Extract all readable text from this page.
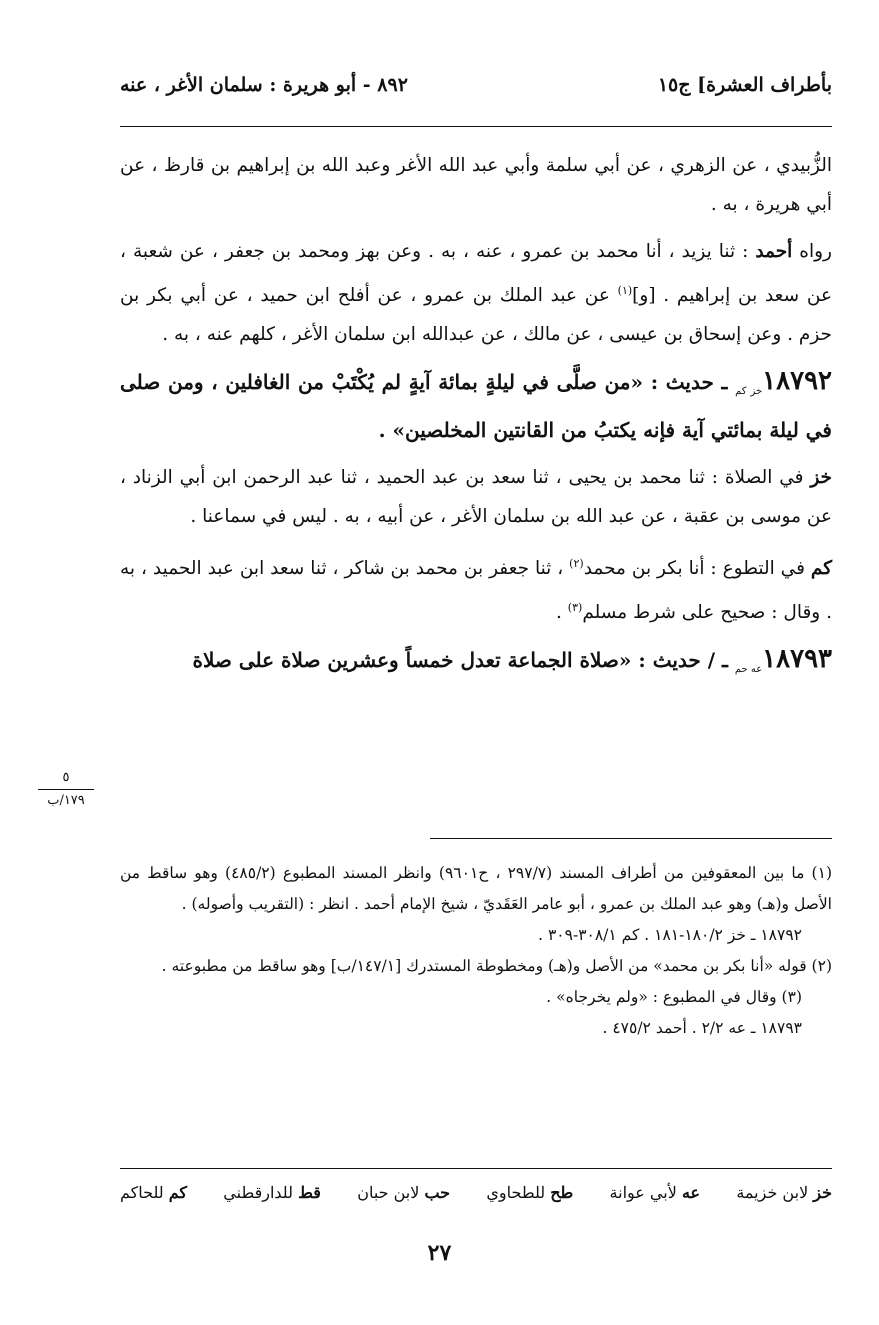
بأطراف العشرة] ج١٥
٨٩٢ - أبو هريرة : سلمان الأغر ، عنه

الزُّبيدي ، عن الزهري ، عن أبي سلمة وأبي عبد الله الأغر وعبد الله بن إبراهيم بن قارظ ، عن أبي هريرة ، به .

رواه أحمد : ثنا يزيد ، أنا محمد بن عمرو ، عنه ، به . وعن بهز ومحمد بن جعفر ، عن شعبة ، عن سعد بن إبراهيم . [و]$^{(١)}$ عن عبد الملك بن عمرو ، عن أفلح ابن حميد ، عن أبي بكر بن حزم . وعن إسحاق بن عيسى ، عن مالك ، عن عبدالله ابن سلمان الأغر ، كلهم عنه ، به .

$١٨٧٩٢_{خز كم}$ ـ حديث : «من صلَّى في ليلةٍ بمائة آيةٍ لم يُكْتَبْ من الغافلين ، ومن صلى في ليلة بمائتي آية فإنه يكتبُ من القانتين المخلصين» .

خز في الصلاة : ثنا محمد بن يحيى ، ثنا سعد بن عبد الحميد ، ثنا عبد الرحمن ابن أبي الزناد ، عن موسى بن عقبة ، عن عبد الله بن سلمان الأغر ، عن أبيه ، به . ليس في سماعنا .

كم في التطوع : أنا بكر بن محمد$^{(٢)}$ ، ثنا جعفر بن محمد بن شاكر ، ثنا سعد ابن عبد الحميد ، به . وقال : صحيح على شرط مسلم$^{(٣)}$ .

$١٨٧٩٣_{عه حم}$ ـ / حديث : «صلاة الجماعة تعدل خمساً وعشرين صلاة على صلاة

٥
١٧٩/ب

(١) ما بين المعقوفين من أطراف المسند (٢٩٧/٧ ، ح٩٦٠١) وانظر المسند المطبوع (٤٨٥/٢) وهو ساقط من الأصل و(هـ) وهو عبد الملك بن عمرو ، أبو عامر العَقَديّ ، شيخ الإمام أحمد . انظر : (التقريب وأصوله) .

١٨٧٩٢ ـ خز ١٨٠/٢-١٨١ . كم ٣٠٨/١-٣٠٩ .

(٢) قوله «أنا بكر بن محمد» من الأصل و(هـ) ومخطوطة المستدرك [١٤٧/١/ب] وهو ساقط من مطبوعته .

(٣) وقال في المطبوع : «ولم يخرجاه» .

١٨٧٩٣ ـ عه ٢/٢ . أحمد ٤٧٥/٢ .

خز لابن خزيمة
عه لأبي عوانة
طح للطحاوي
حب لابن حبان
قط للدارقطني
كم للحاكم
٢٧
